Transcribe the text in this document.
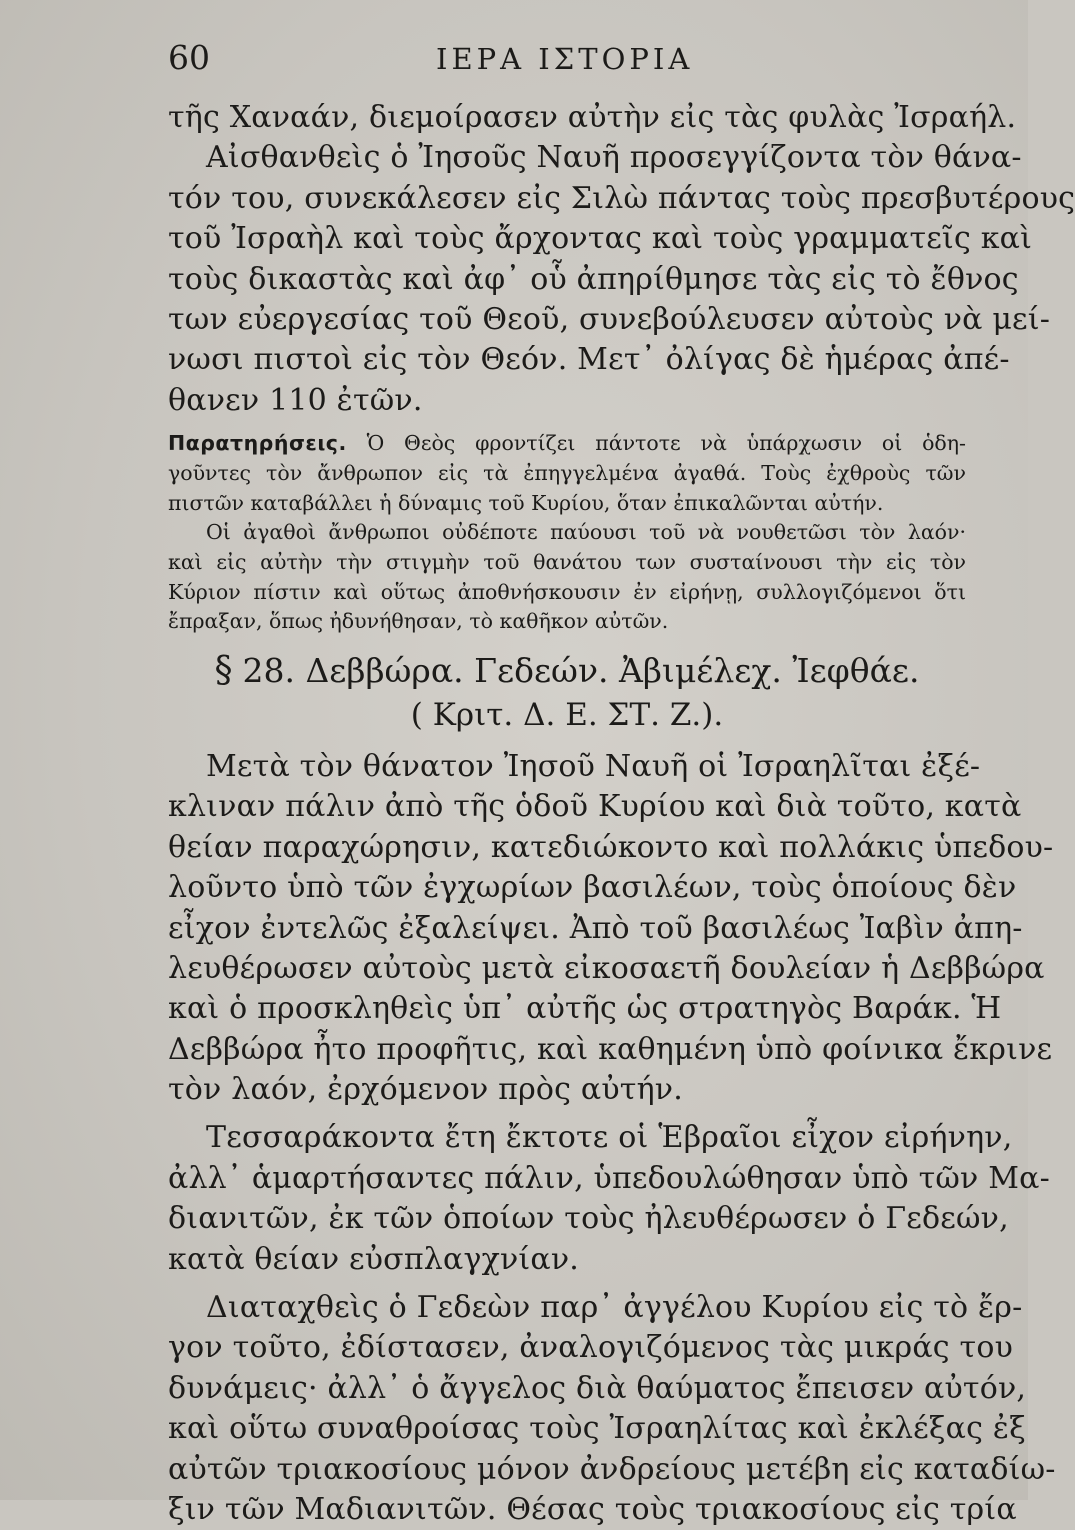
60	ΙΕΡΑ ΙΣΤΟΡΙΑ
τῆς Χαναάν, διεμοίρασεν αὐτὴν εἰς τὰς φυλὰς Ἰσραήλ.
Αἰσθανθεὶς ὁ Ἰησοῦς Ναυῆ προσεγγίζοντα τὸν θάνα-
τόν του, συνεκάλεσεν εἰς Σιλὼ πάντας τοὺς πρεσβυτέρους
τοῦ Ἰσραὴλ καὶ τοὺς ἄρχοντας καὶ τοὺς γραμματεῖς καὶ
τοὺς δικαστὰς καὶ ἀφ᾽ οὗ ἀπηρίθμησε τὰς εἰς τὸ ἔθνος
των εὐεργεσίας τοῦ Θεοῦ, συνεβούλευσεν αὐτοὺς νὰ μεί-
νωσι πιστοὶ εἰς τὸν Θεόν. Μετ᾽ ὀλίγας δὲ ἡμέρας ἀπέ-
θανεν 110 ἐτῶν.
Παρατηρήσεις. Ὁ Θεὸς φροντίζει πάντοτε νὰ ὑπάρχωσιν οἱ ὁδη-
γοῦντες τὸν ἄνθρωπον εἰς τὰ ἐπηγγελμένα ἀγαθά. Τοὺς ἐχθροὺς τῶν
πιστῶν καταβάλλει ἡ δύναμις τοῦ Κυρίου, ὅταν ἐπικαλῶνται αὐτήν.
Οἱ ἀγαθοὶ ἄνθρωποι οὐδέποτε παύουσι τοῦ νὰ νουθετῶσι τὸν λαόν·
καὶ εἰς αὐτὴν τὴν στιγμὴν τοῦ θανάτου των συσταίνουσι τὴν εἰς τὸν
Κύριον πίστιν καὶ οὕτως ἀποθνήσκουσιν ἐν εἰρήνῃ, συλλογιζόμενοι ὅτι
ἔπραξαν, ὅπως ἠδυνήθησαν, τὸ καθῆκον αὐτῶν.
§ 28. Δεββώρα. Γεδεών. Ἀβιμέλεχ. Ἰεφθάε.
( Κριτ. Δ. Ε. ΣΤ. Ζ.).
Μετὰ τὸν θάνατον Ἰησοῦ Ναυῆ οἱ Ἰσραηλῖται ἐξέ-
κλιναν πάλιν ἀπὸ τῆς ὁδοῦ Κυρίου καὶ διὰ τοῦτο, κατὰ
θείαν παραχώρησιν, κατεδιώκοντο καὶ πολλάκις ὑπεδου-
λοῦντο ὑπὸ τῶν ἐγχωρίων βασιλέων, τοὺς ὁποίους δὲν
εἶχον ἐντελῶς ἐξαλείψει. Ἀπὸ τοῦ βασιλέως Ἰαβὶν ἀπη-
λευθέρωσεν αὐτοὺς μετὰ εἰκοσαετῆ δουλείαν ἡ Δεββώρα
καὶ ὁ προσκληθεὶς ὑπ᾽ αὐτῆς ὡς στρατηγὸς Βαράκ. Ἡ
Δεββώρα ἦτο προφῆτις, καὶ καθημένη ὑπὸ φοίνικα ἔκρινε
τὸν λαόν, ἐρχόμενον πρὸς αὐτήν.
Τεσσαράκοντα ἔτη ἔκτοτε οἱ Ἑβραῖοι εἶχον εἰρήνην,
ἀλλ᾽ ἁμαρτήσαντες πάλιν, ὑπεδουλώθησαν ὑπὸ τῶν Μα-
διανιτῶν, ἐκ τῶν ὁποίων τοὺς ἠλευθέρωσεν ὁ Γεδεών,
κατὰ θείαν εὐσπλαγχνίαν.
Διαταχθεὶς ὁ Γεδεὼν παρ᾽ ἀγγέλου Κυρίου εἰς τὸ ἔρ-
γον τοῦτο, ἐδίστασεν, ἀναλογιζόμενος τὰς μικράς του
δυνάμεις· ἀλλ᾽ ὁ ἄγγελος διὰ θαύματος ἔπεισεν αὐτόν,
καὶ οὕτω συναθροίσας τοὺς Ἰσραηλίτας καὶ ἐκλέξας ἐξ
αὐτῶν τριακοσίους μόνον ἀνδρείους μετέβη εἰς καταδίω-
ξιν τῶν Μαδιανιτῶν. Θέσας τοὺς τριακοσίους εἰς τρία
